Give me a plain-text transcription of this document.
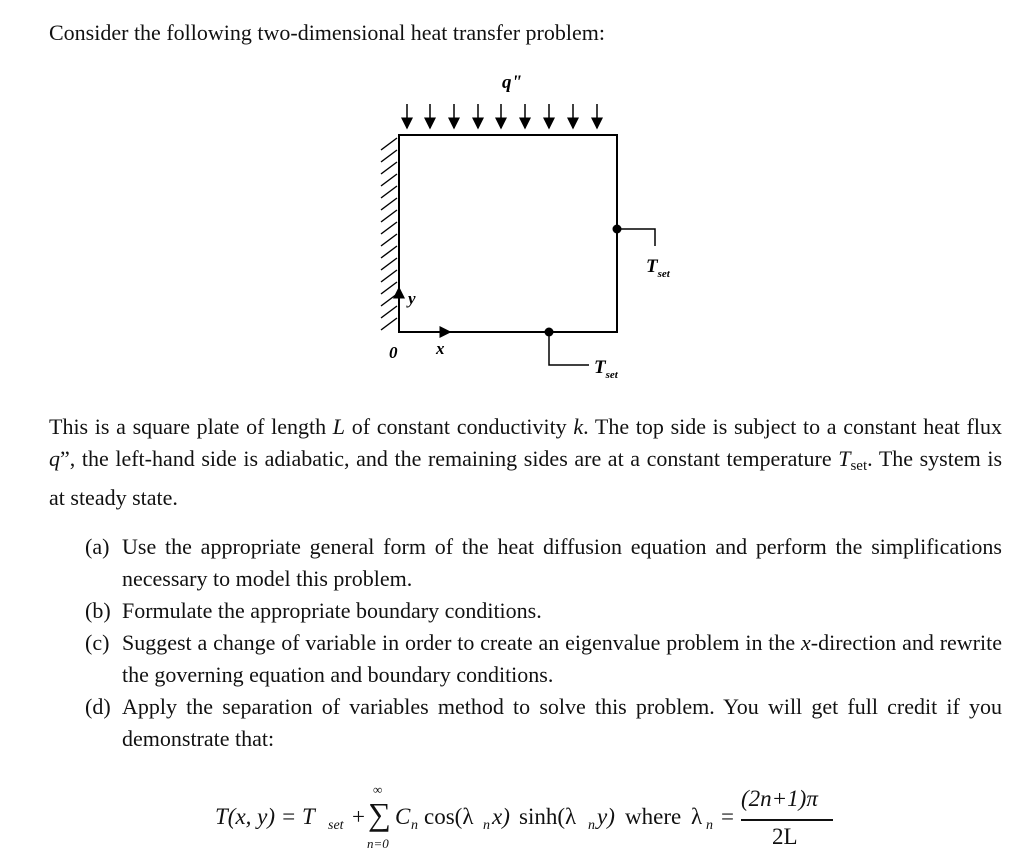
Consider the following two-dimensional heat transfer problem:
q"
y
x
0
$T_{set}$
$T_{set}$
This is a square plate of length L of constant conductivity k. The top side is subject to a constant heat flux q”, the left-hand side is adiabatic, and the remaining sides are at a constant temperature Tset. The system is at steady state.
(a) Use the appropriate general form of the heat diffusion equation and perform the simplifications necessary to model this problem.
(b) Formulate the appropriate boundary conditions.
(c) Suggest a change of variable in order to create an eigenvalue problem in the x-direction and rewrite the governing equation and boundary conditions.
(d) Apply the separation of variables method to solve this problem. You will get full credit if you demonstrate that:
T(x, y) = T set +
∞
∑
n=0
C n cos(λ n x) sinh(λ n y) where λ n =
(2n+1)π
2L
